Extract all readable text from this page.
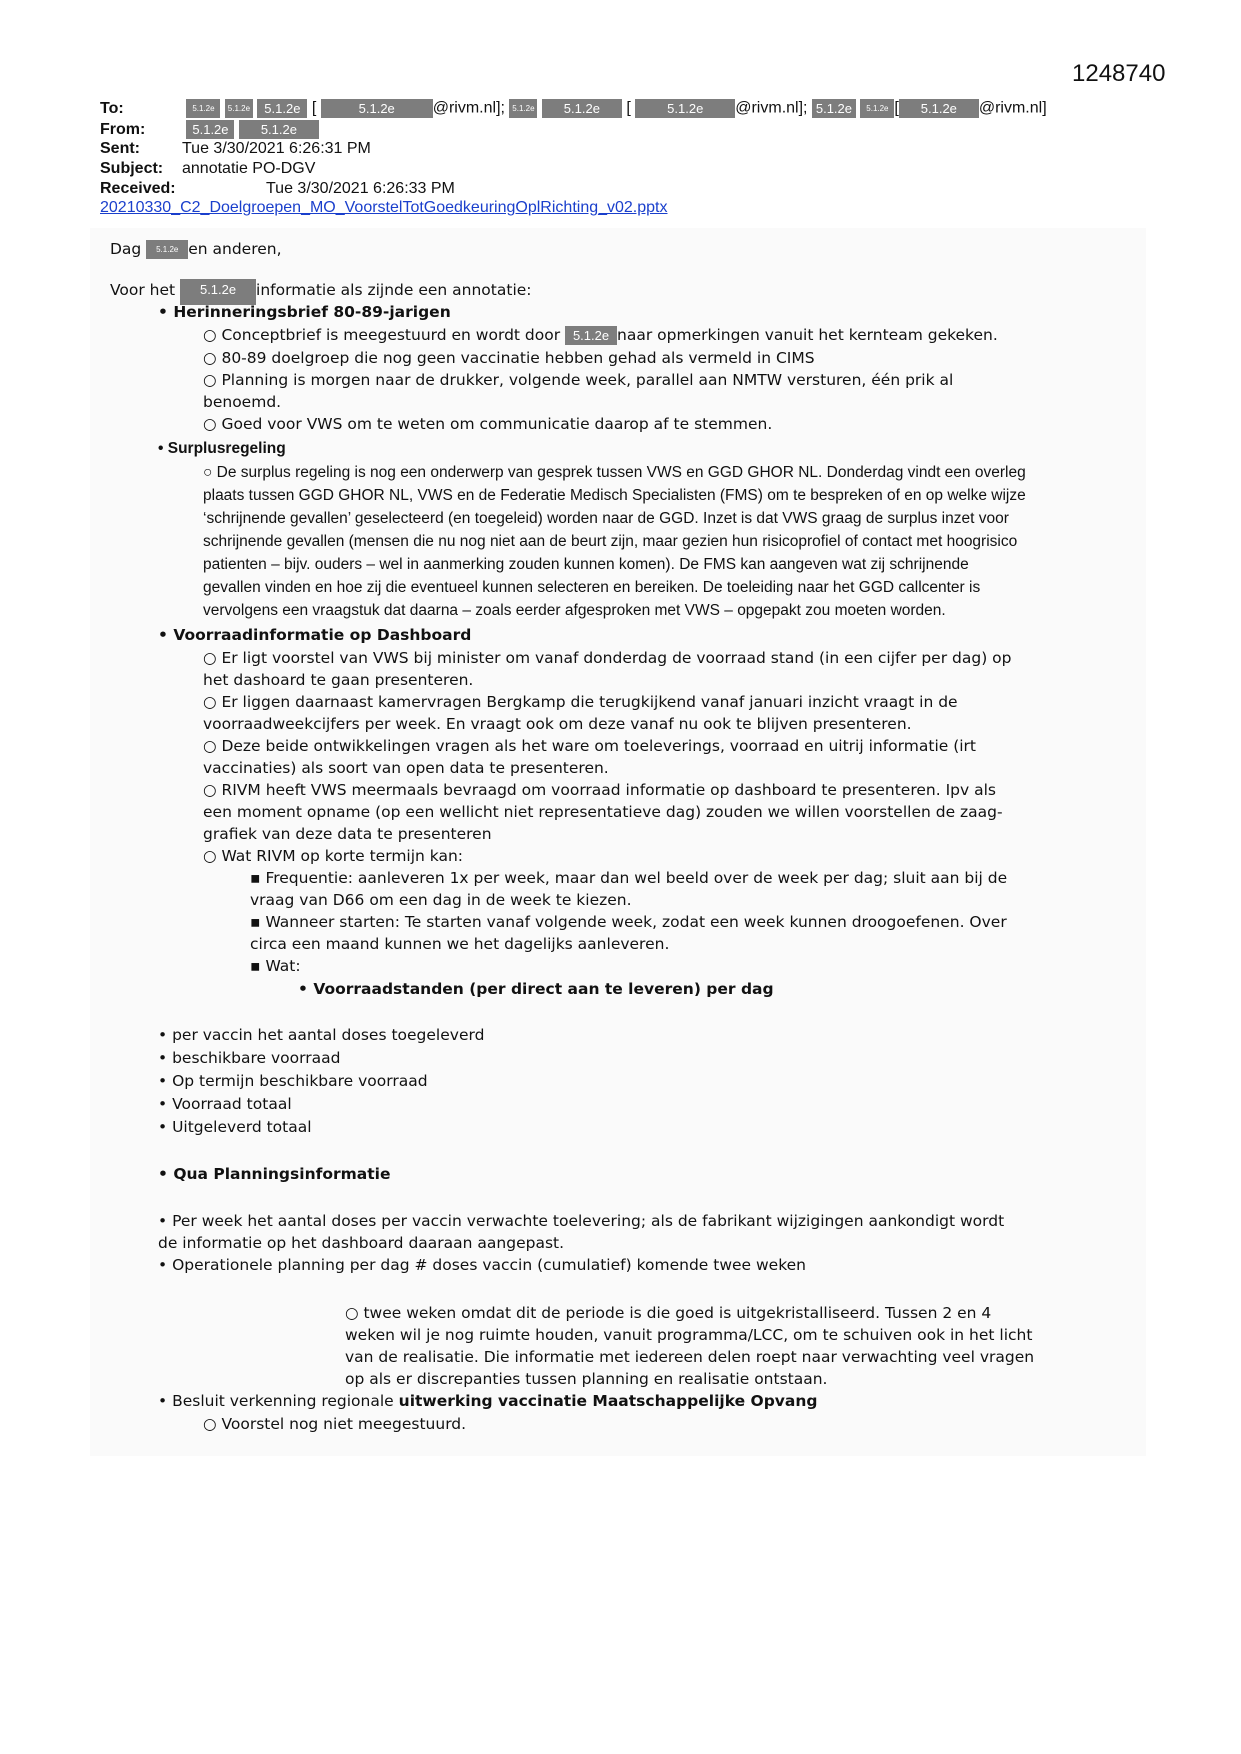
1248740
To:	5.1.2e 5.1.2e 5.1.2e [	5.1.2e @rivm.nl]; 5.1.2e 5.1.2e [	5.1.2e @rivm.nl]; 5.1.2e 5.1.2e [ 5.1.2e @rivm.nl]
From:	5.1.2e 5.1.2e
Sent:	Tue 3/30/2021 6:26:31 PM
Subject: annotatie PO-DGV
Received:	Tue 3/30/2021 6:26:33 PM
20210330_C2_Doelgroepen_MO_VoorstelTotGoedkeuringOplRichting_v02.pptx
Dag 5.1.2e en anderen,
Voor het 5.1.2e informatie als zijnde een annotatie:
• Herinneringsbrief 80-89-jarigen
○ Conceptbrief is meegestuurd en wordt door 5.1.2e naar opmerkingen vanuit het kernteam gekeken.
○ 80-89 doelgroep die nog geen vaccinatie hebben gehad als vermeld in CIMS
○ Planning is morgen naar de drukker, volgende week, parallel aan NMTW versturen, één prik al
benoemd.
○ Goed voor VWS om te weten om communicatie daarop af te stemmen.
• Surplusregeling
○ De surplus regeling is nog een onderwerp van gesprek tussen VWS en GGD GHOR NL. Donderdag vindt een overleg
plaats tussen GGD GHOR NL, VWS en de Federatie Medisch Specialisten (FMS) om te bespreken of en op welke wijze
‘schrijnende gevallen’ geselecteerd (en toegeleid) worden naar de GGD. Inzet is dat VWS graag de surplus inzet voor
schrijnende gevallen (mensen die nu nog niet aan de beurt zijn, maar gezien hun risicoprofiel of contact met hoogrisico
patienten – bijv. ouders – wel in aanmerking zouden kunnen komen). De FMS kan aangeven wat zij schrijnende
gevallen vinden en hoe zij die eventueel kunnen selecteren en bereiken. De toeleiding naar het GGD callcenter is
vervolgens een vraagstuk dat daarna – zoals eerder afgesproken met VWS – opgepakt zou moeten worden.
• Voorraadinformatie op Dashboard
○ Er ligt voorstel van VWS bij minister om vanaf donderdag de voorraad stand (in een cijfer per dag) op
het dashoard te gaan presenteren.
○ Er liggen daarnaast kamervragen Bergkamp die terugkijkend vanaf januari inzicht vraagt in de
voorraadweekcijfers per week. En vraagt ook om deze vanaf nu ook te blijven presenteren.
○ Deze beide ontwikkelingen vragen als het ware om toeleverings, voorraad en uitrij informatie (irt
vaccinaties) als soort van open data te presenteren.
○ RIVM heeft VWS meermaals bevraagd om voorraad informatie op dashboard te presenteren. Ipv als
een moment opname (op een wellicht niet representatieve dag) zouden we willen voorstellen de zaag-
grafiek van deze data te presenteren
○ Wat RIVM op korte termijn kan:
▪ Frequentie: aanleveren 1x per week, maar dan wel beeld over de week per dag; sluit aan bij de
vraag van D66 om een dag in de week te kiezen.
▪ Wanneer starten: Te starten vanaf volgende week, zodat een week kunnen droogoefenen. Over
circa een maand kunnen we het dagelijks aanleveren.
▪ Wat:
• Voorraadstanden (per direct aan te leveren) per dag
• per vaccin het aantal doses toegeleverd
• beschikbare voorraad
• Op termijn beschikbare voorraad
• Voorraad totaal
• Uitgeleverd totaal
• Qua Planningsinformatie
• Per week het aantal doses per vaccin verwachte toelevering; als de fabrikant wijzigingen aankondigt wordt
de informatie op het dashboard daaraan aangepast.
• Operationele planning per dag # doses vaccin (cumulatief) komende twee weken
○ twee weken omdat dit de periode is die goed is uitgekristalliseerd. Tussen 2 en 4
weken wil je nog ruimte houden, vanuit programma/LCC, om te schuiven ook in het licht
van de realisatie. Die informatie met iedereen delen roept naar verwachting veel vragen
op als er discrepanties tussen planning en realisatie ontstaan.
• Besluit verkenning regionale uitwerking vaccinatie Maatschappelijke Opvang
○ Voorstel nog niet meegestuurd.
